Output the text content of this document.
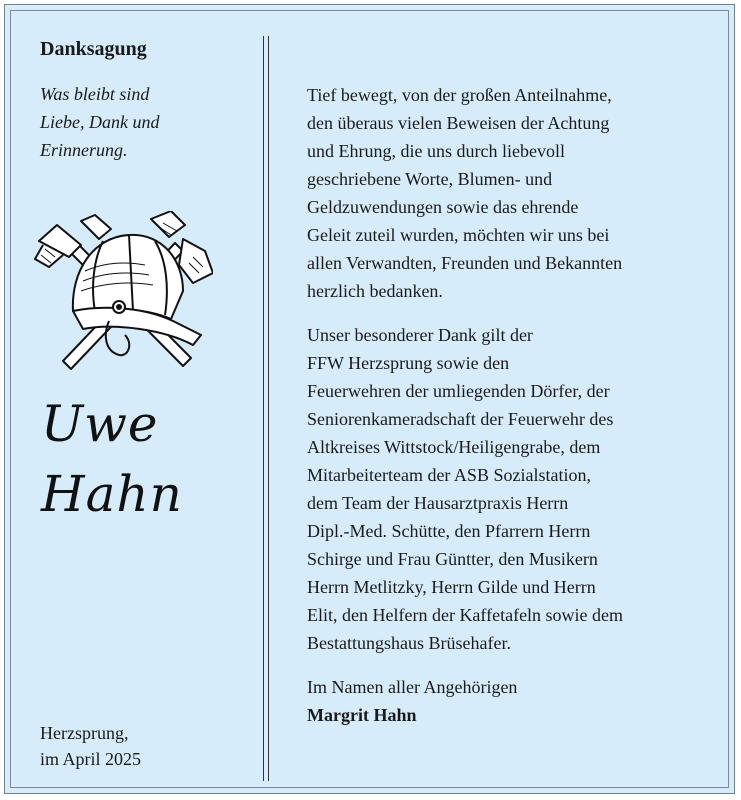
Danksagung
Was bleibt sind
Liebe, Dank und
Erinnerung.
Uwe
Hahn
Herzsprung,
im April 2025

Tief bewegt, von der großen Anteilnahme,
den überaus vielen Beweisen der Achtung
und Ehrung, die uns durch liebevoll
geschriebene Worte, Blumen- und
Geldzuwendungen sowie das ehrende
Geleit zuteil wurden, möchten wir uns bei
allen Verwandten, Freunden und Bekannten
herzlich bedanken.

Unser besonderer Dank gilt der
FFW Herzsprung sowie den
Feuerwehren der umliegenden Dörfer, der
Seniorenkameradschaft der Feuerwehr des
Altkreises Wittstock/Heiligengrabe, dem
Mitarbeiterteam der ASB Sozialstation,
dem Team der Hausarztpraxis Herrn
Dipl.-Med. Schütte, den Pfarrern Herrn
Schirge und Frau Güntter, den Musikern
Herrn Metlitzky, Herrn Gilde und Herrn
Elit, den Helfern der Kaffetafeln sowie dem
Bestattungshaus Brüsehafer.

Im Namen aller Angehörigen
Margrit Hahn
